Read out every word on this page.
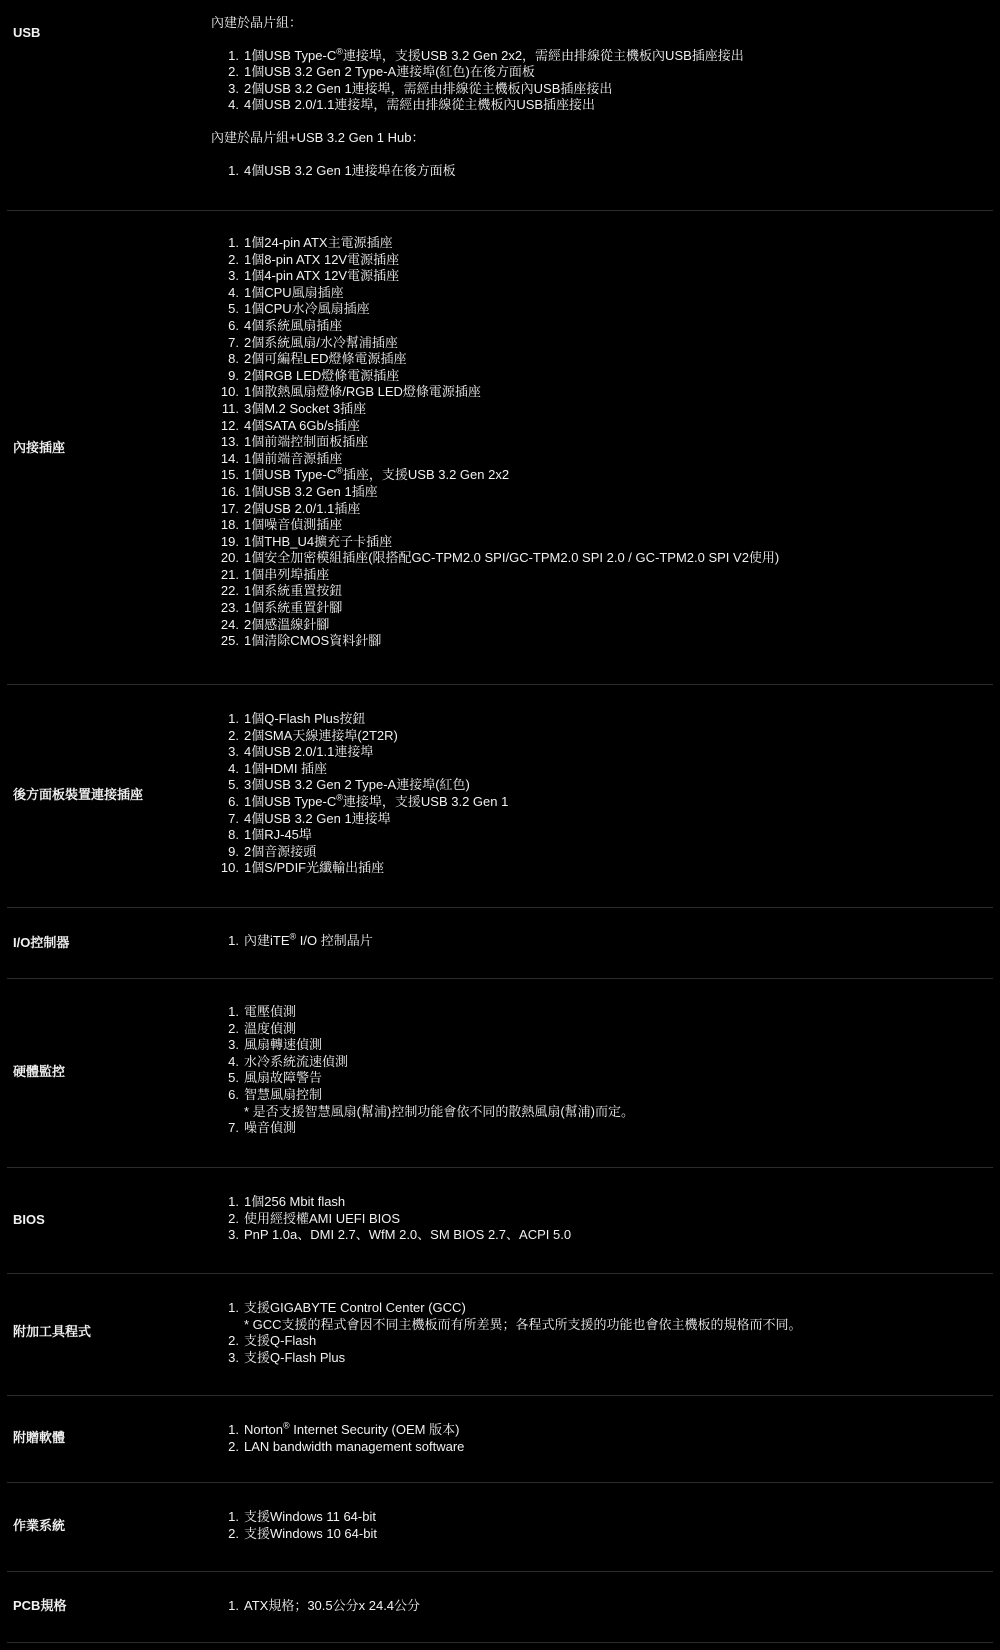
USB
內建於晶片組：
1. 1個USB Type-C®連接埠，支援USB 3.2 Gen 2x2，需經由排線從主機板內USB插座接出
2. 1個USB 3.2 Gen 2 Type-A連接埠(紅色)在後方面板
3. 2個USB 3.2 Gen 1連接埠，需經由排線從主機板內USB插座接出
4. 4個USB 2.0/1.1連接埠，需經由排線從主機板內USB插座接出
內建於晶片組+USB 3.2 Gen 1 Hub：
1. 4個USB 3.2 Gen 1連接埠在後方面板
內接插座
1. 1個24-pin ATX主電源插座
2. 1個8-pin ATX 12V電源插座
3. 1個4-pin ATX 12V電源插座
4. 1個CPU風扇插座
5. 1個CPU水冷風扇插座
6. 4個系統風扇插座
7. 2個系統風扇/水冷幫浦插座
8. 2個可編程LED燈條電源插座
9. 2個RGB LED燈條電源插座
10. 1個散熱風扇燈條/RGB LED燈條電源插座
11. 3個M.2 Socket 3插座
12. 4個SATA 6Gb/s插座
13. 1個前端控制面板插座
14. 1個前端音源插座
15. 1個USB Type-C®插座，支援USB 3.2 Gen 2x2
16. 1個USB 3.2 Gen 1插座
17. 2個USB 2.0/1.1插座
18. 1個噪音偵測插座
19. 1個THB_U4擴充子卡插座
20. 1個安全加密模組插座(限搭配GC-TPM2.0 SPI/GC-TPM2.0 SPI 2.0 / GC-TPM2.0 SPI V2使用)
21. 1個串列埠插座
22. 1個系統重置按鈕
23. 1個系統重置針腳
24. 2個感溫線針腳
25. 1個清除CMOS資料針腳
後方面板裝置連接插座
1. 1個Q-Flash Plus按鈕
2. 2個SMA天線連接埠(2T2R)
3. 4個USB 2.0/1.1連接埠
4. 1個HDMI 插座
5. 3個USB 3.2 Gen 2 Type-A連接埠(紅色)
6. 1個USB Type-C®連接埠，支援USB 3.2 Gen 1
7. 4個USB 3.2 Gen 1連接埠
8. 1個RJ-45埠
9. 2個音源接頭
10. 1個S/PDIF光纖輸出插座
I/O控制器	1. 內建iTE® I/O 控制晶片
硬體監控
1. 電壓偵測
2. 溫度偵測
3. 風扇轉速偵測
4. 水冷系統流速偵測
5. 風扇故障警告
6. 智慧風扇控制
* 是否支援智慧風扇(幫浦)控制功能會依不同的散熱風扇(幫浦)而定。
7. 噪音偵測
BIOS
1. 1個256 Mbit flash
2. 使用經授權AMI UEFI BIOS
3. PnP 1.0a、DMI 2.7、WfM 2.0、SM BIOS 2.7、ACPI 5.0
附加工具程式
1. 支援GIGABYTE Control Center (GCC)
* GCC支援的程式會因不同主機板而有所差異；各程式所支援的功能也會依主機板的規格而不同。
2. 支援Q-Flash
3. 支援Q-Flash Plus
附贈軟體
1. Norton® Internet Security (OEM 版本)
2. LAN bandwidth management software
作業系統
1. 支援Windows 11 64-bit
2. 支援Windows 10 64-bit
PCB規格	1. ATX規格；30.5公分x 24.4公分
